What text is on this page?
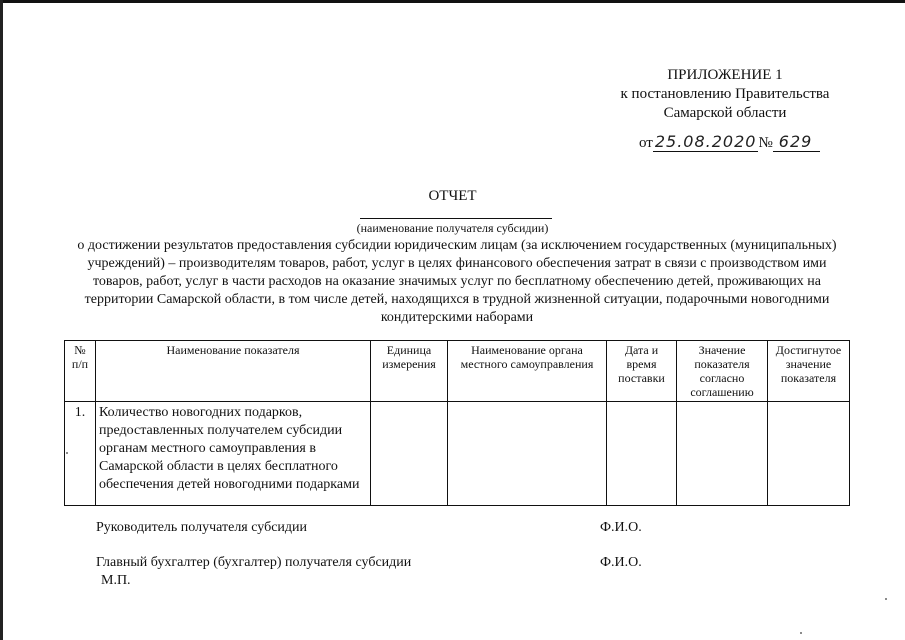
ПРИЛОЖЕНИЕ 1
к постановлению Правительства
Самарской области
от 25.08.2020 № 629
ОТЧЕТ
(наименование получателя субсидии)
о достижении результатов предоставления субсидии юридическим лицам (за исключением государственных (муниципальных) учреждений) – производителям товаров, работ, услуг в целях финансового обеспечения затрат в связи с производством ими товаров, работ, услуг в части расходов на оказание значимых услуг по бесплатному обеспечению детей, проживающих на территории Самарской области, в том числе детей, находящихся в трудной жизненной ситуации, подарочными новогодними кондитерскими наборами
№ п/п	Наименование показателя	Единица измерения	Наименование органа местного самоуправления	Дата и время поставки	Значение показателя согласно соглашению	Достигнутое значение показателя
1.	Количество новогодних подарков, предоставленных получателем субсидии органам местного самоуправления в Самарской области в целях бесплатного обеспечения детей новогодними подарками					
Руководитель получателя субсидии	Ф.И.О.
Главный бухгалтер (бухгалтер) получателя субсидии	Ф.И.О.
М.П.
